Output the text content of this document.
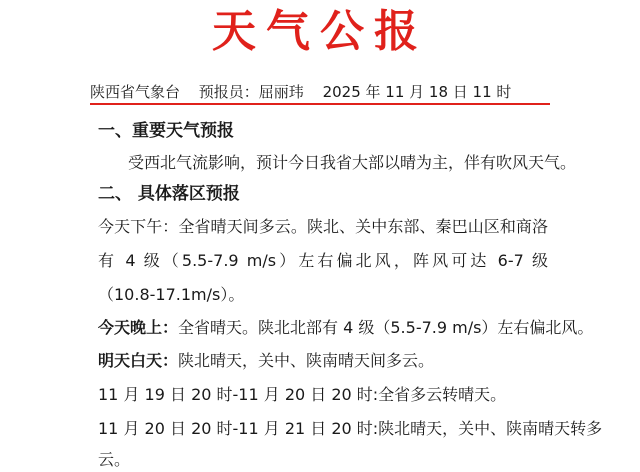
天气公报
陕西省气象台 预报员：屈丽玮 2025 年 11 月 18 日 11 时
一、重要天气预报
受西北气流影响，预计今日我省大部以晴为主，伴有吹风天气。
二、 具体落区预报
今天下午：全省晴天间多云。陕北、关中东部、秦巴山区和商洛
有 4 级（5.5-7.9 m/s）左右偏北风，阵风可达 6-7 级
（10.8-17.1m/s）。
今天晚上：全省晴天。陕北北部有 4 级（5.5-7.9 m/s）左右偏北风。
明天白天：陕北晴天，关中、陕南晴天间多云。
11 月 19 日 20 时-11 月 20 日 20 时:全省多云转晴天。
11 月 20 日 20 时-11 月 21 日 20 时:陕北晴天，关中、陕南晴天转多
云。
